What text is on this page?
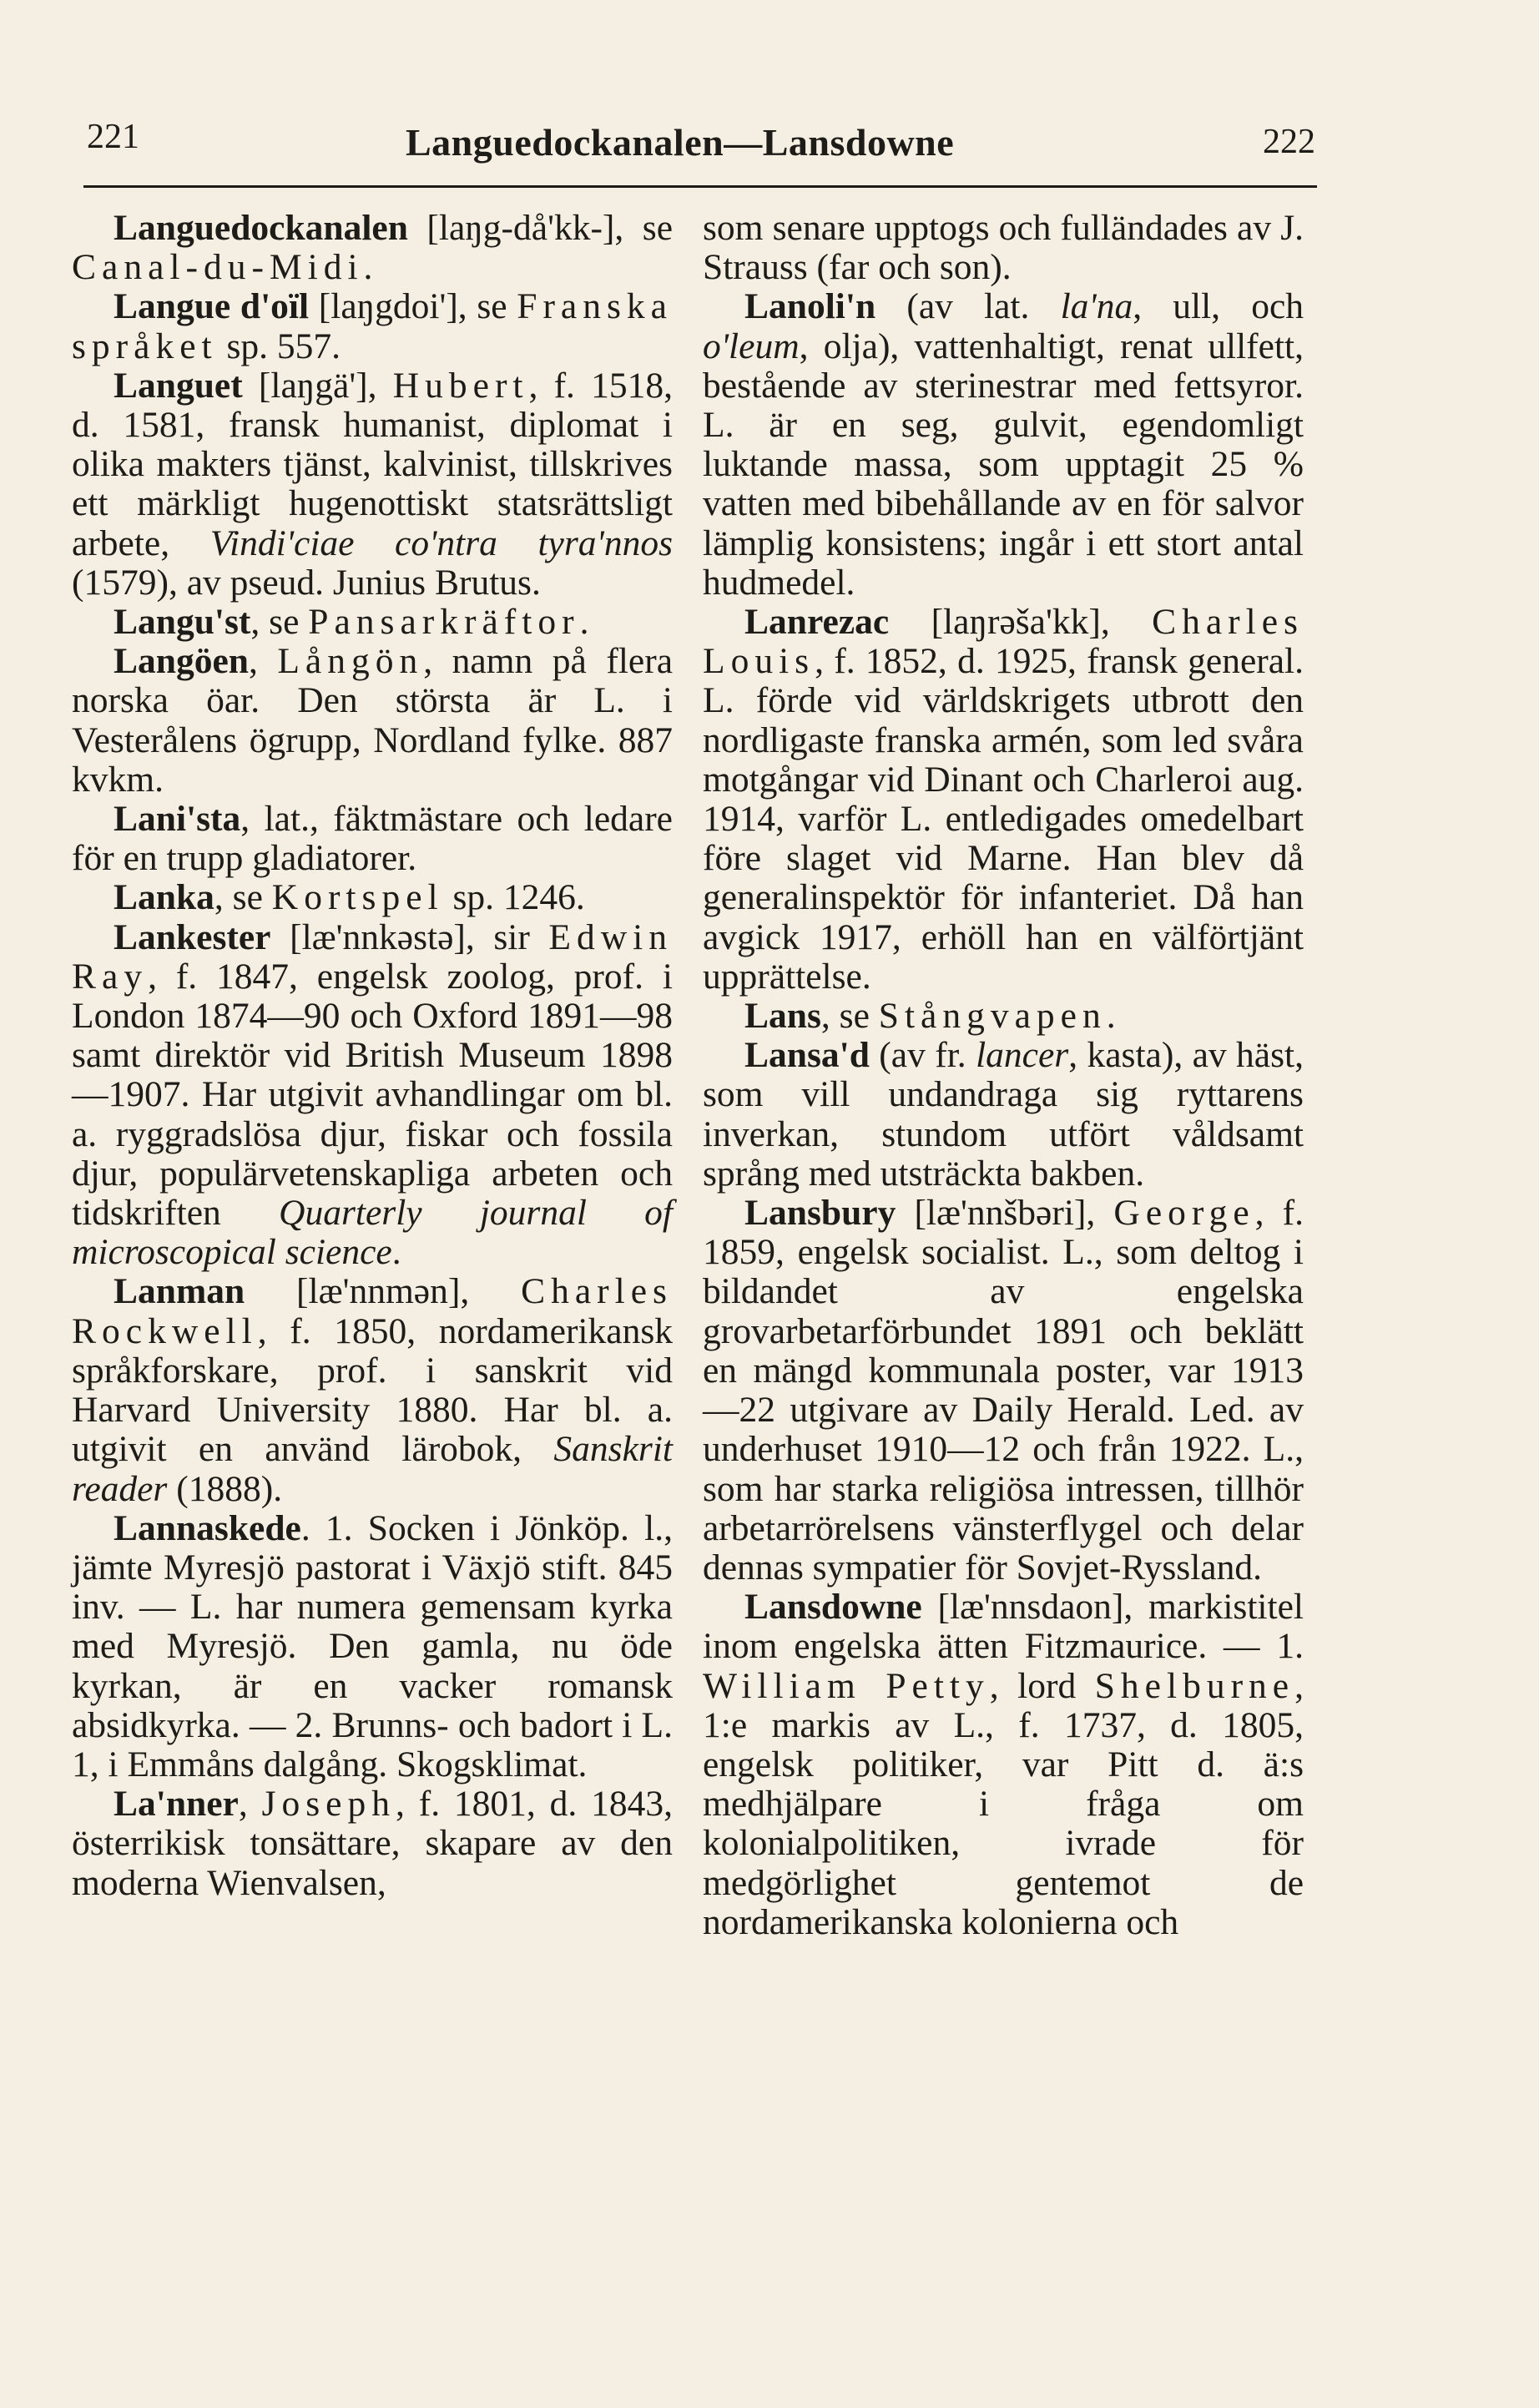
221	Languedockanalen—Lansdowne	222

Languedockanalen [laŋg-då'kk-], se Canal-du-Midi.

Langue d'oïl [laŋgdoi'], se Franska språket sp. 557.

Languet [laŋgä'], Hubert, f. 1518, d. 1581, fransk humanist, diplomat i olika makters tjänst, kalvinist, tillskrives ett märkligt hugenottiskt statsrättsligt arbete, Vindi'ciae co'ntra tyra'nnos (1579), av pseud. Junius Brutus.

Langu'st, se Pansarkräftor.

Langöen, Långön, namn på flera norska öar. Den största är L. i Vesterålens ögrupp, Nordland fylke. 887 kvkm.

Lani'sta, lat., fäktmästare och ledare för en trupp gladiatorer.

Lanka, se Kortspel sp. 1246.

Lankester [læ'nnkəstə], sir Edwin Ray, f. 1847, engelsk zoolog, prof. i London 1874—90 och Oxford 1891—98 samt direktör vid British Museum 1898—1907. Har utgivit avhandlingar om bl. a. ryggradslösa djur, fiskar och fossila djur, populärvetenskapliga arbeten och tidskriften Quarterly journal of microscopical science.

Lanman [læ'nnmən], Charles Rockwell, f. 1850, nordamerikansk språkforskare, prof. i sanskrit vid Harvard University 1880. Har bl. a. utgivit en använd lärobok, Sanskrit reader (1888).

Lannaskede. 1. Socken i Jönköp. l., jämte Myresjö pastorat i Växjö stift. 845 inv. — L. har numera gemensam kyrka med Myresjö. Den gamla, nu öde kyrkan, är en vacker romansk absidkyrka. — 2. Brunns- och badort i L. 1, i Emmåns dalgång. Skogsklimat.

La'nner, Joseph, f. 1801, d. 1843, österrikisk tonsättare, skapare av den moderna Wienvalsen,

som senare upptogs och fulländades av J. Strauss (far och son).

Lanoli'n (av lat. la'na, ull, och o'leum, olja), vattenhaltigt, renat ullfett, bestående av sterinestrar med fettsyror. L. är en seg, gulvit, egendomligt luktande massa, som upptagit 25 % vatten med bibehållande av en för salvor lämplig konsistens; ingår i ett stort antal hudmedel.

Lanrezac [laŋrəša'kk], Charles Louis, f. 1852, d. 1925, fransk general. L. förde vid världskrigets utbrott den nordligaste franska armén, som led svåra motgångar vid Dinant och Charleroi aug. 1914, varför L. entledigades omedelbart före slaget vid Marne. Han blev då generalinspektör för infanteriet. Då han avgick 1917, erhöll han en välförtjänt upprättelse.

Lans, se Stångvapen.

Lansa'd (av fr. lancer, kasta), av häst, som vill undandraga sig ryttarens inverkan, stundom utfört våldsamt språng med utsträckta bakben.

Lansbury [læ'nnšbəri], George, f. 1859, engelsk socialist. L., som deltog i bildandet av engelska grovarbetarförbundet 1891 och beklätt en mängd kommunala poster, var 1913—22 utgivare av Daily Herald. Led. av underhuset 1910—12 och från 1922. L., som har starka religiösa intressen, tillhör arbetarrörelsens vänsterflygel och delar dennas sympatier för Sovjet-Ryssland.

Lansdowne [læ'nnsdaon], markistitel inom engelska ätten Fitzmaurice. — 1. William Petty, lord Shelburne, 1:e markis av L., f. 1737, d. 1805, engelsk politiker, var Pitt d. ä:s medhjälpare i fråga om kolonialpolitiken, ivrade för medgörlighet gentemot de nordamerikanska kolonierna och
